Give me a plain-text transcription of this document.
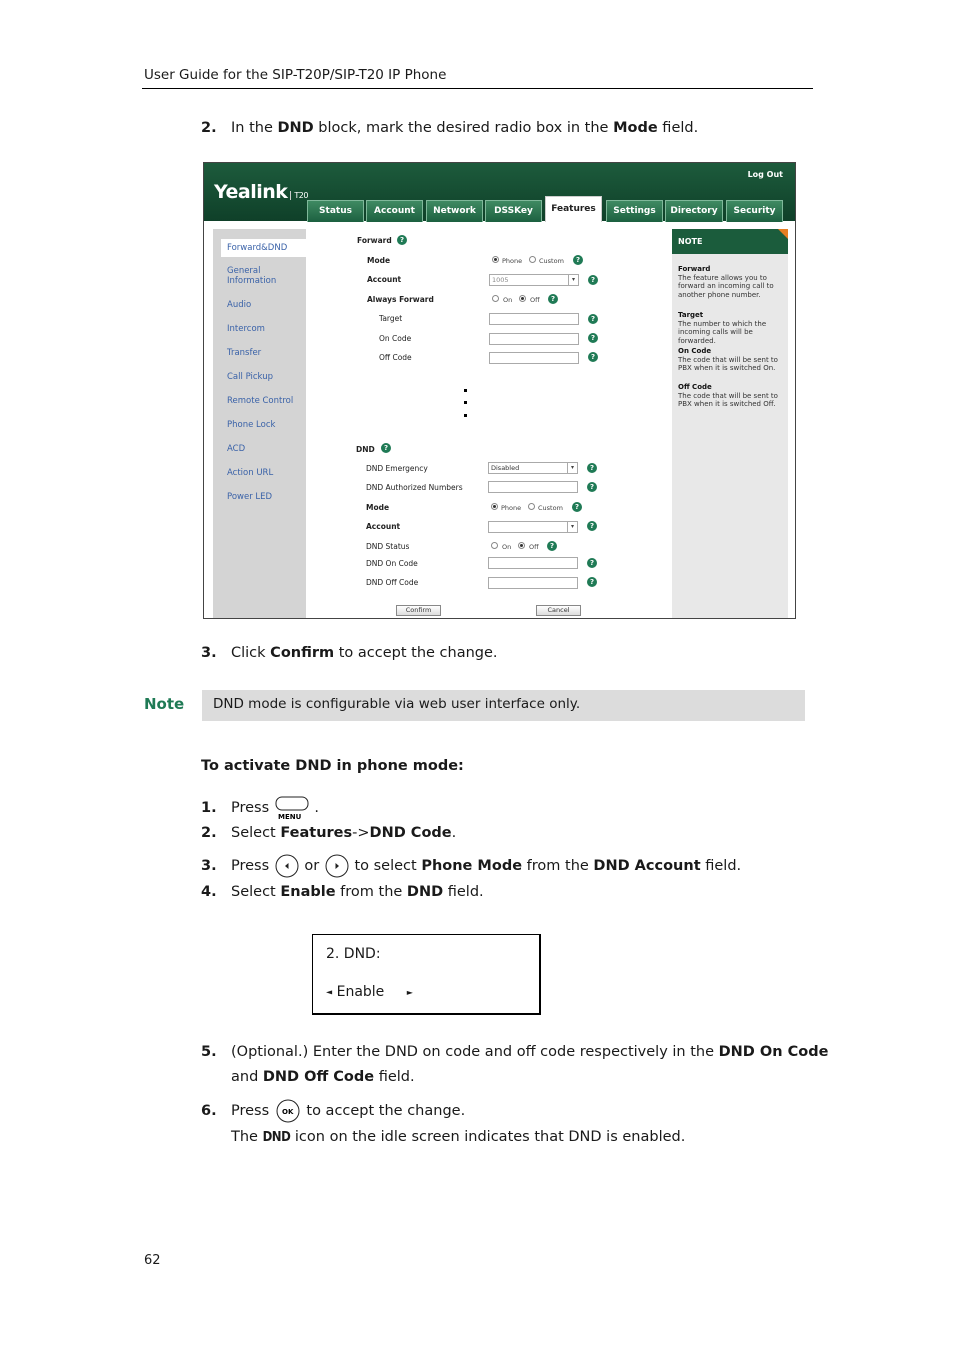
User Guide for the SIP-T20P/SIP-T20 IP Phone
2. In the DND block, mark the desired radio box in the Mode field.
Yealink T20
Log Out
Status	Account	Network	DSSKey	Features	Settings	Directory	Security
Forward&DND
General Information
Audio
Intercom
Transfer
Call Pickup
Remote Control
Phone Lock
ACD
Action URL
Power LED
Forward	?
Mode	Phone	Custom	?
Account	1005	▾	?
Always Forward	On	Off	?
Target	?
On Code	?
Off Code	?
DND	?
DND Emergency	Disabled	▾	?
DND Authorized Numbers	?
Mode	Phone	Custom	?
Account	▾	?
DND Status	On	Off	?
DND On Code	?
DND Off Code	?
Confirm	Cancel
NOTE
Forward
The feature allows you to forward an incoming call to another phone number.
Target
The number to which the incoming calls will be forwarded.
On Code
The code that will be sent to PBX when it is switched On.
Off Code
The code that will be sent to PBX when it is switched Off.
3. Click Confirm to accept the change.
Note	DND mode is configurable via web user interface only.
To activate DND in phone mode:
1. Press
MENU
.
2. Select Features->DND Code.
3. Press or to select Phone Mode from the DND Account field.
4. Select Enable from the DND field.
2. DND:
◄ Enable	►
5. (Optional.) Enter the DND on code and off code respectively in the DND On Code
and DND Off Code field.
6. Press OK to accept the change.
The DND icon on the idle screen indicates that DND is enabled.
62
